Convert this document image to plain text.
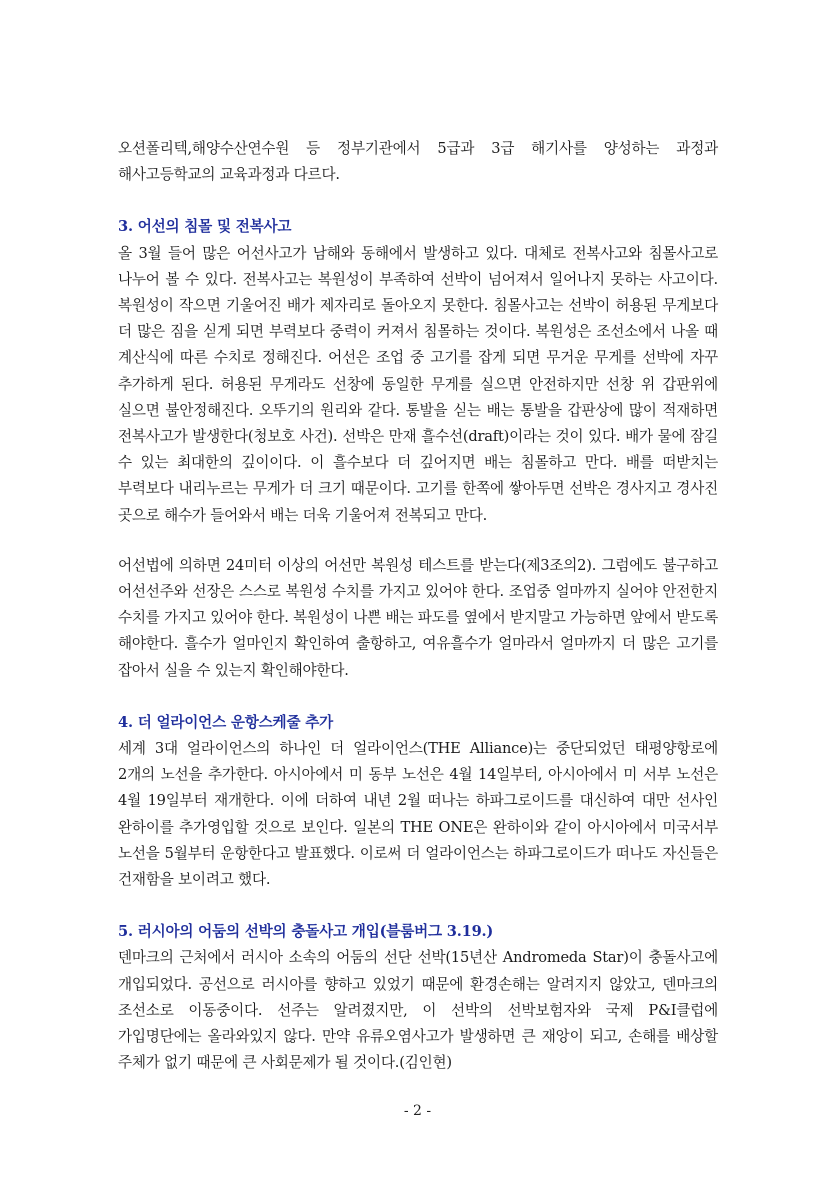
오션폴리텍,해양수산연수원 등 정부기관에서 5급과 3급 해기사를 양성하는 과정과 해사고등학교의 교육과정과 다르다.

3. 어선의 침몰 및 전복사고

올 3월 들어 많은 어선사고가 남해와 동해에서 발생하고 있다. 대체로 전복사고와 침몰사고로 나누어 볼 수 있다. 전복사고는 복원성이 부족하여 선박이 넘어져서 일어나지 못하는 사고이다. 복원성이 작으면 기울어진 배가 제자리로 돌아오지 못한다. 침몰사고는 선박이 허용된 무게보다 더 많은 짐을 싣게 되면 부력보다 중력이 커져서 침몰하는 것이다. 복원성은 조선소에서 나올 때 계산식에 따른 수치로 정해진다. 어선은 조업 중 고기를 잡게 되면 무거운 무게를 선박에 자꾸 추가하게 된다. 허용된 무게라도 선창에 동일한 무게를 실으면 안전하지만 선창 위 갑판위에 실으면 불안정해진다. 오뚜기의 원리와 같다. 통발을 싣는 배는 통발을 갑판상에 많이 적재하면 전복사고가 발생한다(청보호 사건). 선박은 만재 흘수선(draft)이라는 것이 있다. 배가 물에 잠길 수 있는 최대한의 깊이이다. 이 흘수보다 더 깊어지면 배는 침몰하고 만다. 배를 떠받치는 부력보다 내리누르는 무게가 더 크기 때문이다. 고기를 한쪽에 쌓아두면 선박은 경사지고 경사진 곳으로 해수가 들어와서 배는 더욱 기울어져 전복되고 만다.

어선법에 의하면 24미터 이상의 어선만 복원성 테스트를 받는다(제3조의2). 그럼에도 불구하고 어선선주와 선장은 스스로 복원성 수치를 가지고 있어야 한다. 조업중 얼마까지 실어야 안전한지 수치를 가지고 있어야 한다. 복원성이 나쁜 배는 파도를 옆에서 받지말고 가능하면 앞에서 받도록 해야한다. 흘수가 얼마인지 확인하여 출항하고, 여유흘수가 얼마라서 얼마까지 더 많은 고기를 잡아서 실을 수 있는지 확인해야한다.

4. 더 얼라이언스 운항스케줄 추가

세계 3대 얼라이언스의 하나인 더 얼라이언스(THE Alliance)는 중단되었던 태평양항로에 2개의 노선을 추가한다. 아시아에서 미 동부 노선은 4월 14일부터, 아시아에서 미 서부 노선은 4월 19일부터 재개한다. 이에 더하여 내년 2월 떠나는 하파그로이드를 대신하여 대만 선사인 완하이를 추가영입할 것으로 보인다. 일본의 THE ONE은 완하이와 같이 아시아에서 미국서부 노선을 5월부터 운항한다고 발표했다. 이로써 더 얼라이언스는 하파그로이드가 떠나도 자신들은 건재함을 보이려고 했다.

5. 러시아의 어둠의 선박의 충돌사고 개입(블룸버그 3.19.)

덴마크의 근처에서 러시아 소속의 어둠의 선단 선박(15년산 Andromeda Star)이 충돌사고에 개입되었다. 공선으로 러시아를 향하고 있었기 때문에 환경손해는 알려지지 않았고, 덴마크의 조선소로 이동중이다. 선주는 알려졌지만, 이 선박의 선박보험자와 국제 P&I클럽에 가입명단에는 올라와있지 않다. 만약 유류오염사고가 발생하면 큰 재앙이 되고, 손해를 배상할 주체가 없기 때문에 큰 사회문제가 될 것이다.(김인현)

- 2 -
